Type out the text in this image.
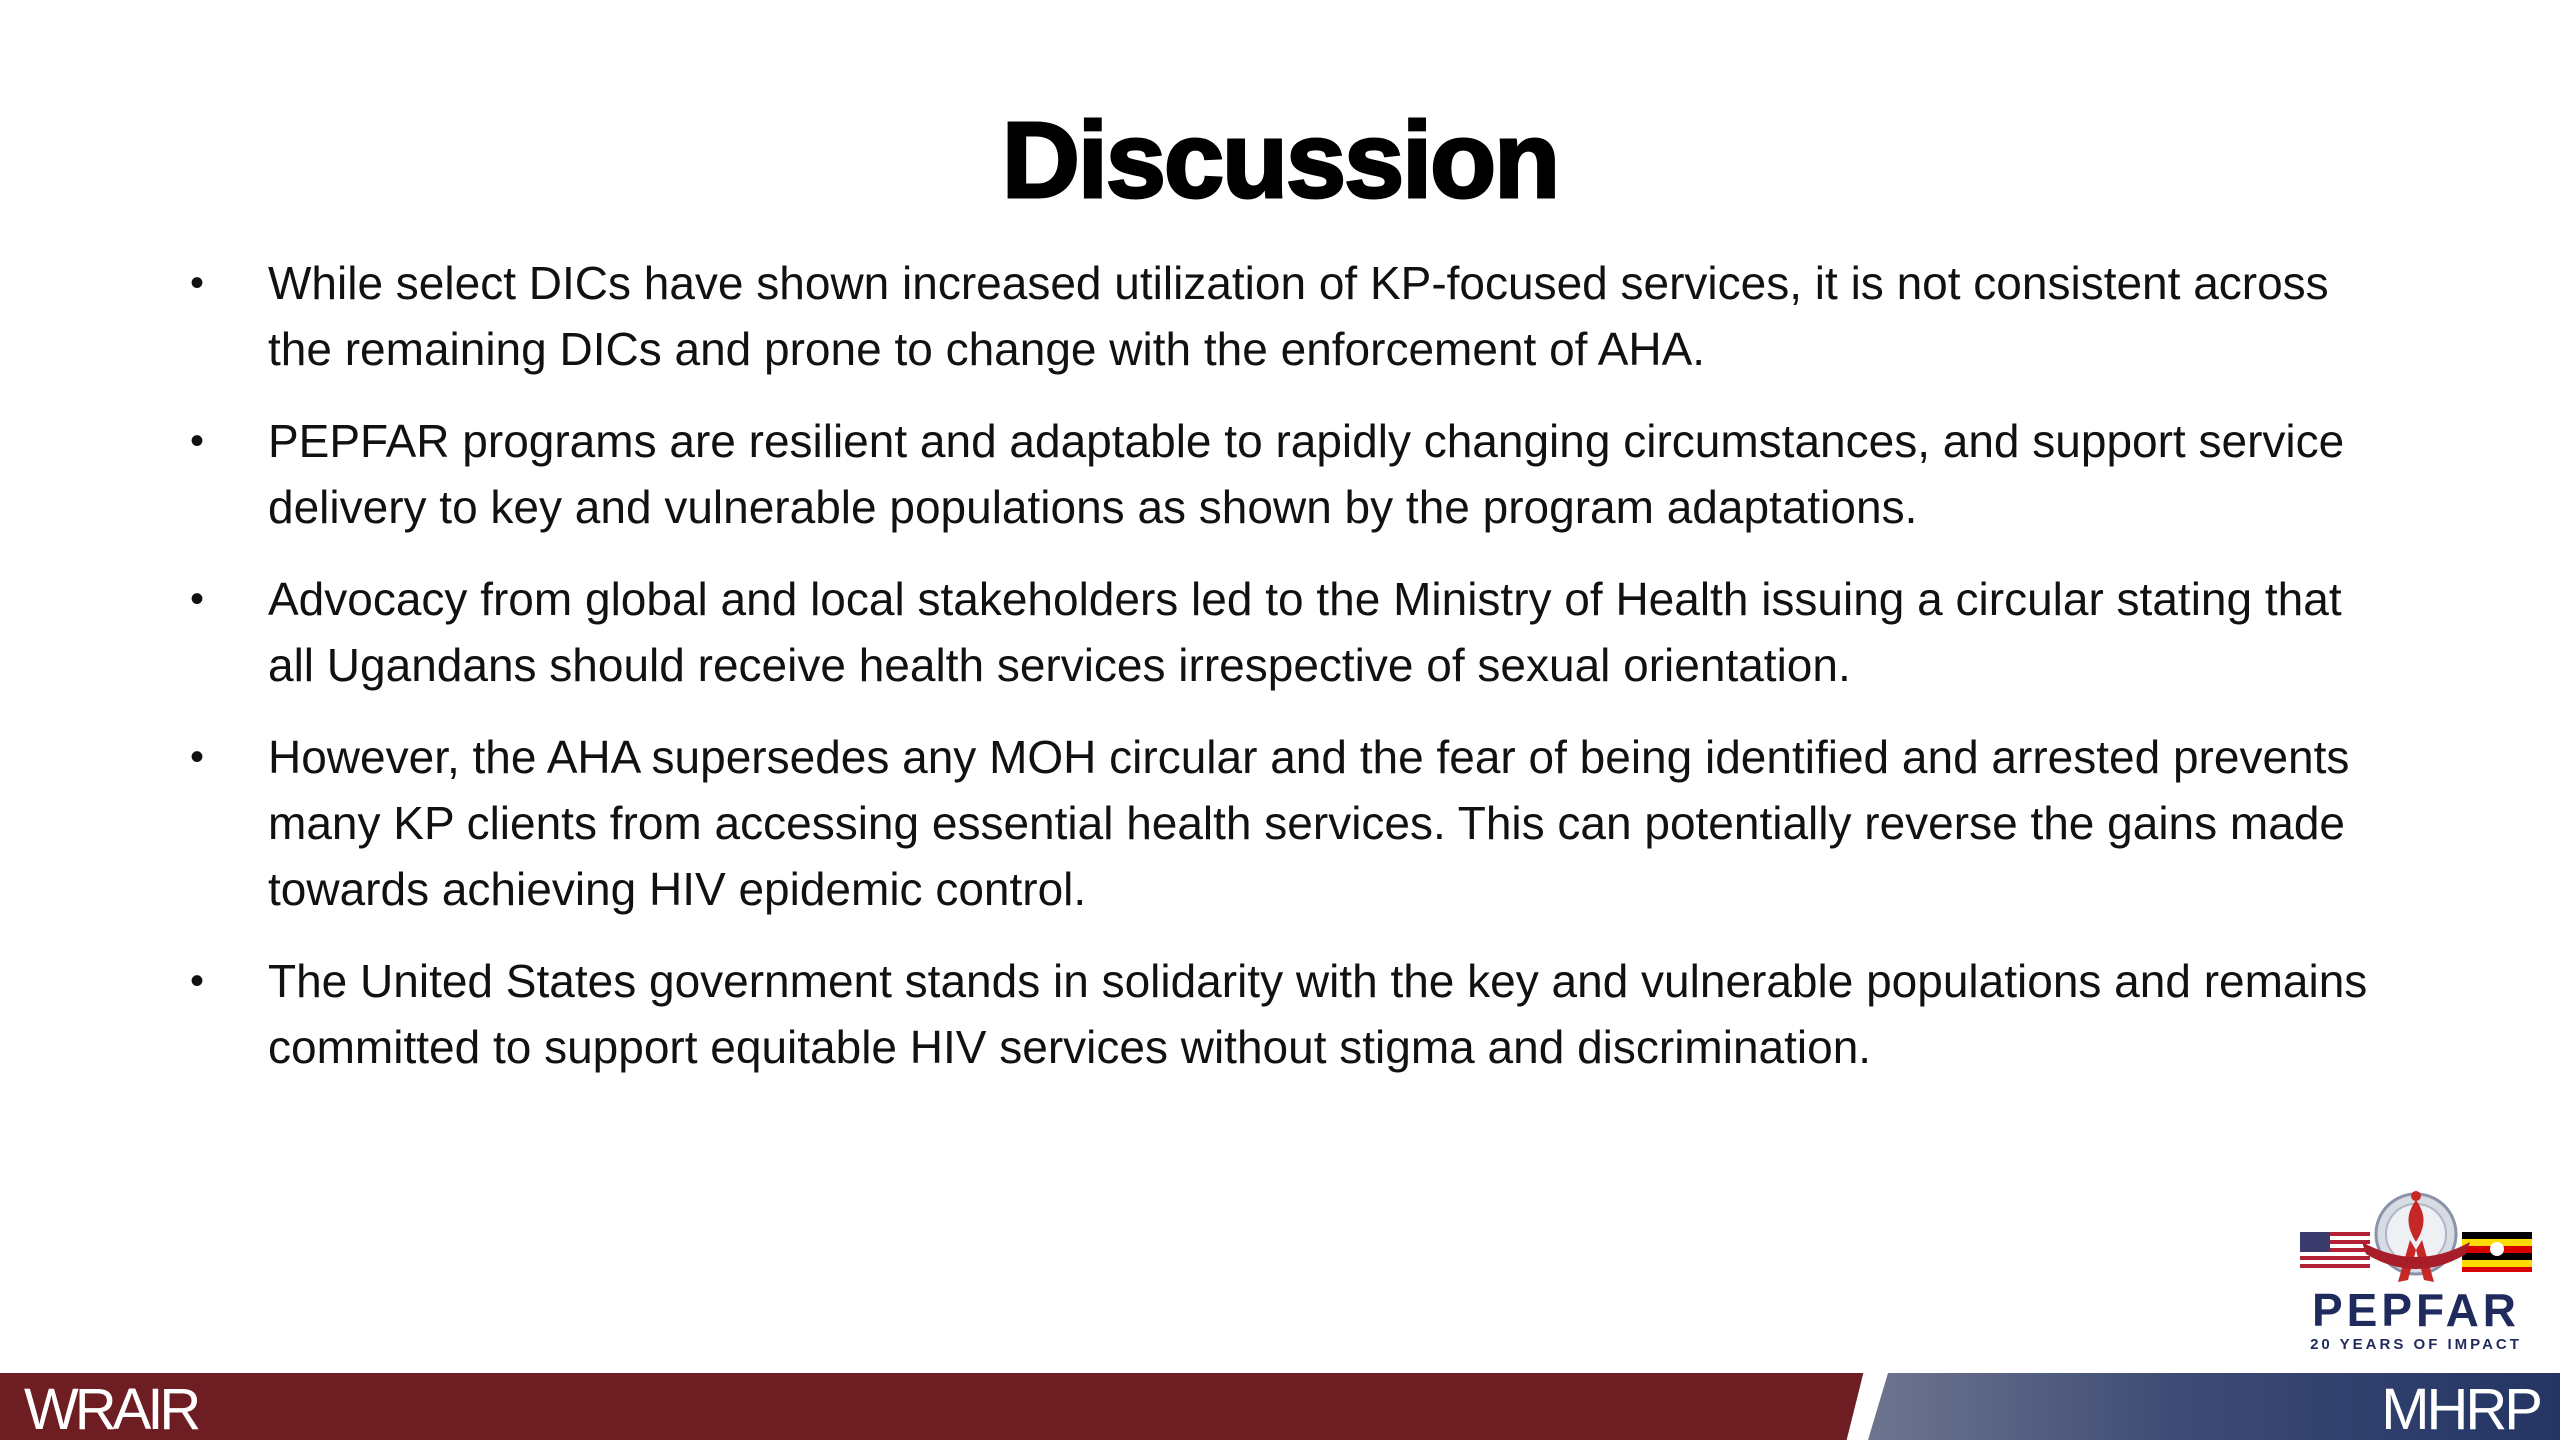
Discussion
• While select DICs have shown increased utilization of KP-focused services, it is not consistent across the remaining DICs and prone to change with the enforcement of AHA.
• PEPFAR programs are resilient and adaptable to rapidly changing circumstances, and support service delivery to key and vulnerable populations as shown by the program adaptations.
• Advocacy from global and local stakeholders led to the Ministry of Health issuing a circular stating that all Ugandans should receive health services irrespective of sexual orientation.
• However, the AHA supersedes any MOH circular and the fear of being identified and arrested prevents many KP clients from accessing essential health services. This can potentially reverse the gains made towards achieving HIV epidemic control.
• The United States government stands in solidarity with the key and vulnerable populations and remains committed to support equitable HIV services without stigma and discrimination.
PEPFAR
20 YEARS OF IMPACT
WRAIR	MHRP
